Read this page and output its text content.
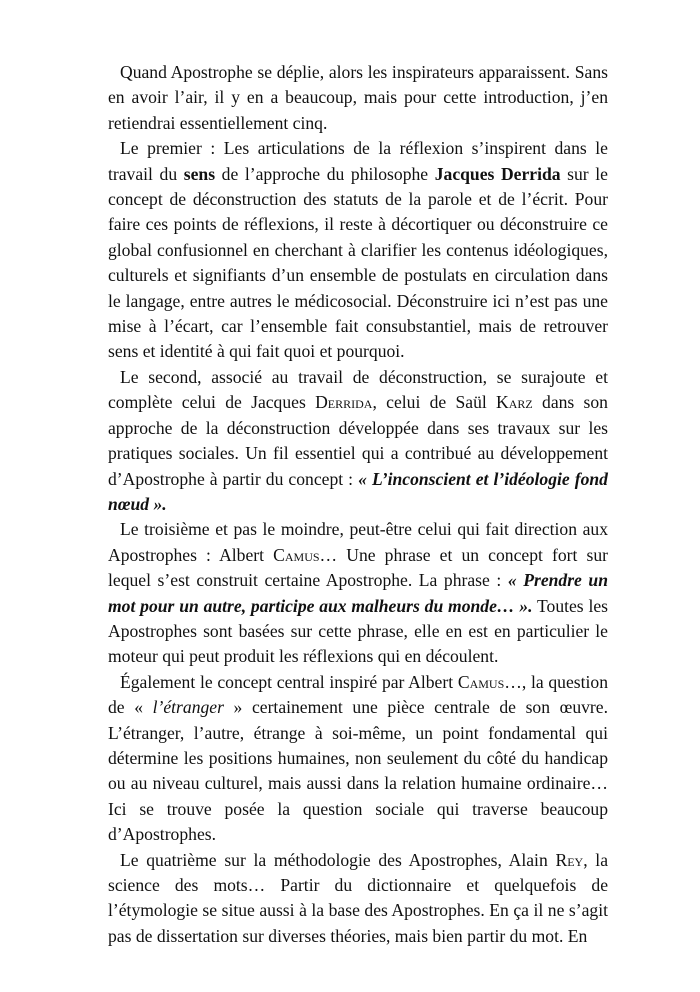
Quand Apostrophe se déplie, alors les inspirateurs apparaissent. Sans en avoir l’air, il y en a beaucoup, mais pour cette introduction, j’en retiendrai essentiellement cinq.

Le premier : Les articulations de la réflexion s’inspirent dans le travail du sens de l’approche du philosophe Jacques Derrida sur le concept de déconstruction des statuts de la parole et de l’écrit. Pour faire ces points de réflexions, il reste à décortiquer ou déconstruire ce global confusionnel en cherchant à clarifier les contenus idéologiques, culturels et signifiants d’un ensemble de postulats en circulation dans le langage, entre autres le médicosocial. Déconstruire ici n’est pas une mise à l’écart, car l’ensemble fait consubstantiel, mais de retrouver sens et identité à qui fait quoi et pourquoi.

Le second, associé au travail de déconstruction, se surajoute et complète celui de Jacques Derrida, celui de Saül Karz dans son approche de la déconstruction développée dans ses travaux sur les pratiques sociales. Un fil essentiel qui a contribué au développement d’Apostrophe à partir du concept : « L’inconscient et l’idéologie fond nœud ».

Le troisième et pas le moindre, peut-être celui qui fait direction aux Apostrophes : Albert Camus… Une phrase et un concept fort sur lequel s’est construit certaine Apostrophe. La phrase : « Prendre un mot pour un autre, participe aux malheurs du monde… ». Toutes les Apostrophes sont basées sur cette phrase, elle en est en particulier le moteur qui peut produit les réflexions qui en découlent.

Également le concept central inspiré par Albert Camus…, la question de « l’étranger » certainement une pièce centrale de son œuvre. L’étranger, l’autre, étrange à soi-même, un point fondamental qui détermine les positions humaines, non seulement du côté du handicap ou au niveau culturel, mais aussi dans la relation humaine ordinaire… Ici se trouve posée la question sociale qui traverse beaucoup d’Apostrophes.

Le quatrième sur la méthodologie des Apostrophes, Alain Rey, la science des mots… Partir du dictionnaire et quelquefois de l’étymologie se situe aussi à la base des Apostrophes. En ça il ne s’agit pas de dissertation sur diverses théories, mais bien partir du mot. En
